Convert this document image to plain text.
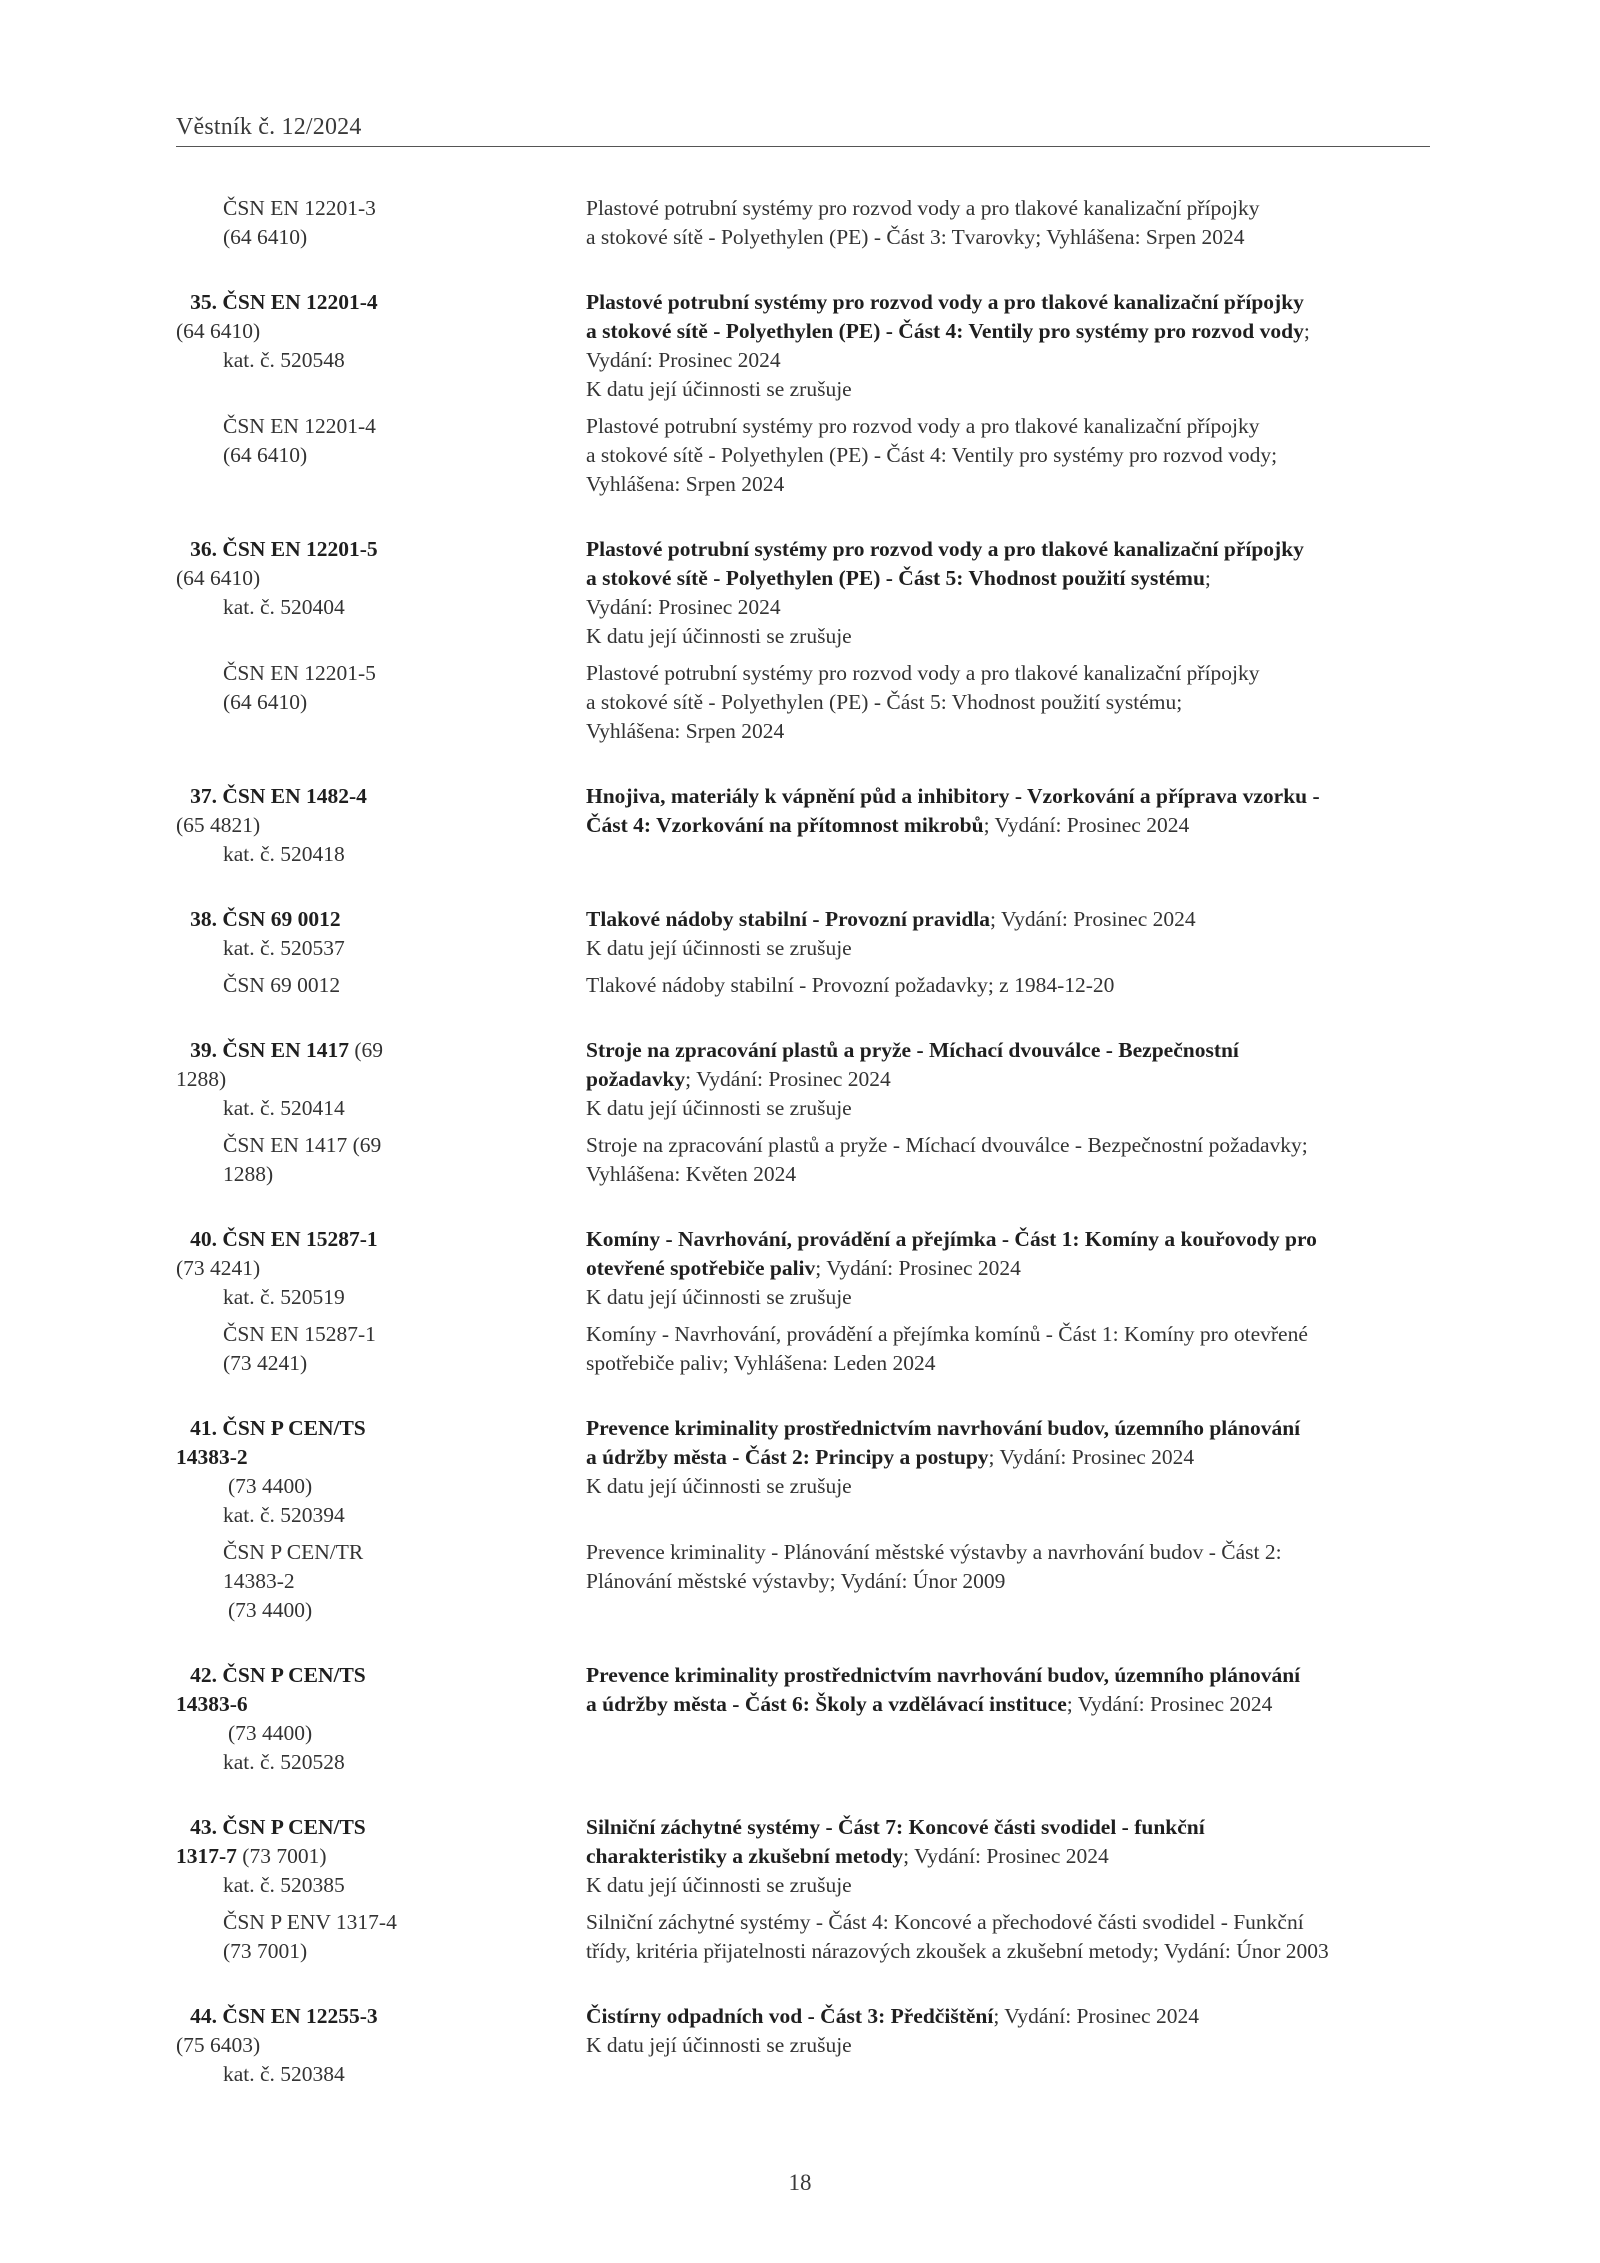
Věstník č. 12/2024
ČSN EN 12201-3 (64 6410)
Plastové potrubní systémy pro rozvod vody a pro tlakové kanalizační přípojky
a stokové sítě - Polyethylen (PE) - Část 3: Tvarovky; Vyhlášena: Srpen 2024
35. ČSN EN 12201-4 (64 6410)
kat. č. 520548
Plastové potrubní systémy pro rozvod vody a pro tlakové kanalizační přípojky
a stokové sítě - Polyethylen (PE) - Část 4: Ventily pro systémy pro rozvod vody;
Vydání: Prosinec 2024
K datu její účinnosti se zrušuje
ČSN EN 12201-4 (64 6410)
Plastové potrubní systémy pro rozvod vody a pro tlakové kanalizační přípojky
a stokové sítě - Polyethylen (PE) - Část 4: Ventily pro systémy pro rozvod vody;
Vyhlášena: Srpen 2024
36. ČSN EN 12201-5 (64 6410)
kat. č. 520404
Plastové potrubní systémy pro rozvod vody a pro tlakové kanalizační přípojky
a stokové sítě - Polyethylen (PE) - Část 5: Vhodnost použití systému;
Vydání: Prosinec 2024
K datu její účinnosti se zrušuje
ČSN EN 12201-5 (64 6410)
Plastové potrubní systémy pro rozvod vody a pro tlakové kanalizační přípojky
a stokové sítě - Polyethylen (PE) - Část 5: Vhodnost použití systému;
Vyhlášena: Srpen 2024
37. ČSN EN 1482-4 (65 4821)
kat. č. 520418
Hnojiva, materiály k vápnění půd a inhibitory - Vzorkování a příprava vzorku -
Část 4: Vzorkování na přítomnost mikrobů; Vydání: Prosinec 2024
38. ČSN 69 0012
kat. č. 520537
Tlakové nádoby stabilní - Provozní pravidla; Vydání: Prosinec 2024
K datu její účinnosti se zrušuje
ČSN 69 0012	Tlakové nádoby stabilní - Provozní požadavky; z 1984-12-20
39. ČSN EN 1417 (69 1288)
kat. č. 520414
Stroje na zpracování plastů a pryže - Míchací dvouválce - Bezpečnostní
požadavky; Vydání: Prosinec 2024
K datu její účinnosti se zrušuje
ČSN EN 1417 (69 1288)
Stroje na zpracování plastů a pryže - Míchací dvouválce - Bezpečnostní požadavky;
Vyhlášena: Květen 2024
40. ČSN EN 15287-1 (73 4241)
kat. č. 520519
Komíny - Navrhování, provádění a přejímka - Část 1: Komíny a kouřovody pro
otevřené spotřebiče paliv; Vydání: Prosinec 2024
K datu její účinnosti se zrušuje
ČSN EN 15287-1 (73 4241)
Komíny - Navrhování, provádění a přejímka komínů - Část 1: Komíny pro otevřené
spotřebiče paliv; Vyhlášena: Leden 2024
41. ČSN P CEN/TS 14383-2
(73 4400)
kat. č. 520394
Prevence kriminality prostřednictvím navrhování budov, územního plánování
a údržby města - Část 2: Principy a postupy; Vydání: Prosinec 2024
K datu její účinnosti se zrušuje
ČSN P CEN/TR 14383-2
(73 4400)
Prevence kriminality - Plánování městské výstavby a navrhování budov - Část 2:
Plánování městské výstavby; Vydání: Únor 2009
42. ČSN P CEN/TS 14383-6
(73 4400)
kat. č. 520528
Prevence kriminality prostřednictvím navrhování budov, územního plánování
a údržby města - Část 6: Školy a vzdělávací instituce; Vydání: Prosinec 2024
43. ČSN P CEN/TS 1317-7 (73 7001)
kat. č. 520385
Silniční záchytné systémy - Část 7: Koncové části svodidel - funkční
charakteristiky a zkušební metody; Vydání: Prosinec 2024
K datu její účinnosti se zrušuje
ČSN P ENV 1317-4 (73 7001)
Silniční záchytné systémy - Část 4: Koncové a přechodové části svodidel - Funkční
třídy, kritéria přijatelnosti nárazových zkoušek a zkušební metody; Vydání: Únor 2003
44. ČSN EN 12255-3 (75 6403)
kat. č. 520384
Čistírny odpadních vod - Část 3: Předčištění; Vydání: Prosinec 2024
K datu její účinnosti se zrušuje
18
